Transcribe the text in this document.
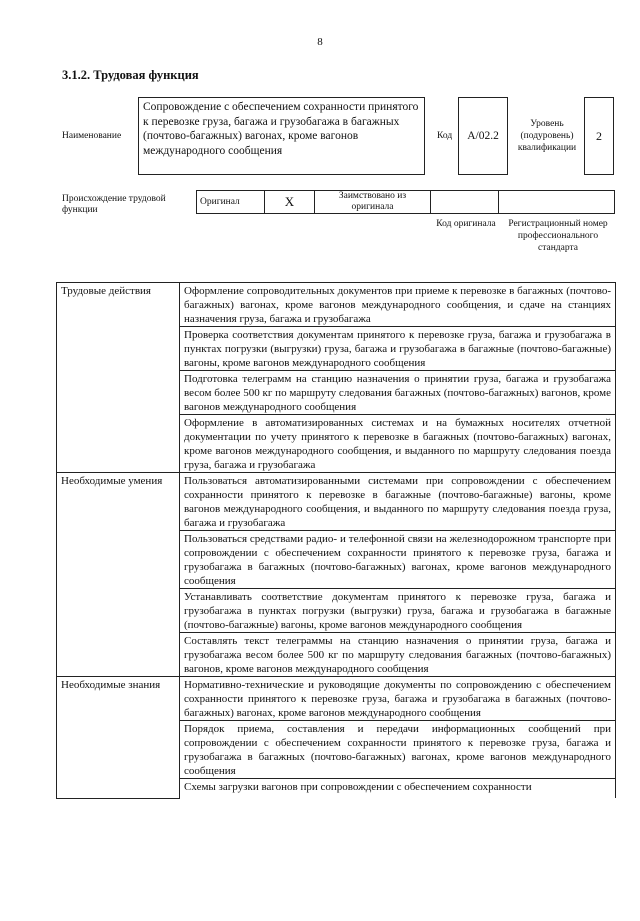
8
3.1.2. Трудовая функция
Наименование
Сопровождение с обеспечением сохранности принятого к перевозке груза, багажа и грузобагажа в багажных (почтово-багажных) вагонах, кроме вагонов международного сообщения
Код А/02.2
Уровень (подуровень) квалификации
2
Происхождение трудовой функции
Оригинал	X	Заимствовано из оригинала		
Код оригинала	Регистрационный номер профессионального стандарта
Трудовые действия	Оформление сопроводительных документов при приеме к перевозке в багажных (почтово-багажных) вагонах, кроме вагонов международного сообщения, и сдаче на станциях назначения груза, багажа и грузобагажа
	Проверка соответствия документам принятого к перевозке груза, багажа и грузобагажа в пунктах погрузки (выгрузки) груза, багажа и грузобагажа в багажные (почтово-багажные) вагоны, кроме вагонов международного сообщения
	Подготовка телеграмм на станцию назначения о принятии груза, багажа и грузобагажа весом более 500 кг по маршруту следования багажных (почтово-багажных) вагонов, кроме вагонов международного сообщения
	Оформление в автоматизированных системах и на бумажных носителях отчетной документации по учету принятого к перевозке в багажных (почтово-багажных) вагонах, кроме вагонов международного сообщения, и выданного по маршруту следования поезда груза, багажа и грузобагажа
Необходимые умения	Пользоваться автоматизированными системами при сопровождении с обеспечением сохранности принятого к перевозке в багажные (почтово-багажные) вагоны, кроме вагонов международного сообщения, и выданного по маршруту следования поезда груза, багажа и грузобагажа
	Пользоваться средствами радио- и телефонной связи на железнодорожном транспорте при сопровождении с обеспечением сохранности принятого к перевозке груза, багажа и грузобагажа в багажных (почтово-багажных) вагонах, кроме вагонов международного сообщения
	Устанавливать соответствие документам принятого к перевозке груза, багажа и грузобагажа в пунктах погрузки (выгрузки) груза, багажа и грузобагажа в багажные (почтово-багажные) вагоны, кроме вагонов международного сообщения
	Составлять текст телеграммы на станцию назначения о принятии груза, багажа и грузобагажа весом более 500 кг по маршруту следования багажных (почтово-багажных) вагонов, кроме вагонов международного сообщения
Необходимые знания	Нормативно-технические и руководящие документы по сопровождению с обеспечением сохранности принятого к перевозке груза, багажа и грузобагажа в багажных (почтово-багажных) вагонах, кроме вагонов международного сообщения
	Порядок приема, составления и передачи информационных сообщений при сопровождении с обеспечением сохранности принятого к перевозке груза, багажа и грузобагажа в багажных (почтово-багажных) вагонах, кроме вагонов международного сообщения
	Схемы загрузки вагонов при сопровождении с обеспечением сохранности
